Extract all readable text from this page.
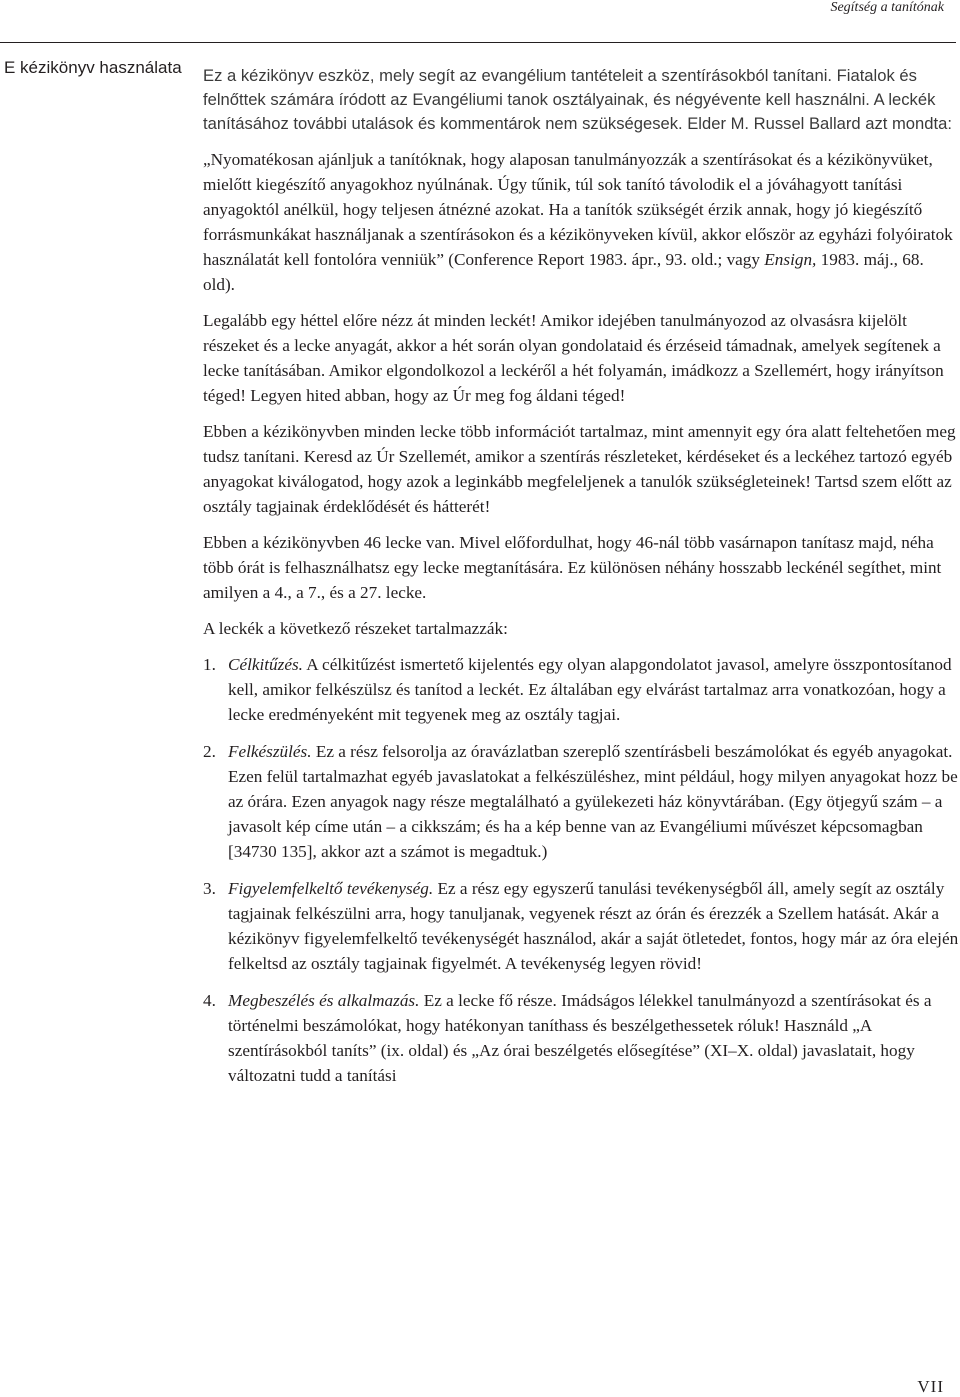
Segítség a tanítónak
E kézikönyv használata Ez a kézikönyv eszköz, mely segít az evangélium tantételeit a szentírásokból tanítani. Fiatalok és felnőttek számára íródott az Evangéliumi tanok osztályainak, és négyévente kell használni. A leckék tanításához további utalások és kommentárok nem szükségesek. Elder M. Russel Ballard azt mondta:

„Nyomatékosan ajánljuk a tanítóknak, hogy alaposan tanulmányozzák a szentírásokat és a kézikönyvüket, mielőtt kiegészítő anyagokhoz nyúlnának. Úgy tűnik, túl sok tanító távolodik el a jóváhagyott tanítási anyagoktól anélkül, hogy teljesen átnézné azokat. Ha a tanítók szükségét érzik annak, hogy jó kiegészítő forrásmunkákat használjanak a szentírásokon és a kézikönyveken kívül, akkor először az egyházi folyóiratok használatát kell fontolóra venniük” (Conference Report 1983. ápr., 93. old.; vagy Ensign, 1983. máj., 68. old).

Legalább egy héttel előre nézz át minden leckét! Amikor idejében tanulmányozod az olvasásra kijelölt részeket és a lecke anyagát, akkor a hét során olyan gondolataid és érzéseid támadnak, amelyek segítenek a lecke tanításában. Amikor elgondolkozol a leckéről a hét folyamán, imádkozz a Szellemért, hogy irányítson téged! Legyen hited abban, hogy az Úr meg fog áldani téged!

Ebben a kézikönyvben minden lecke több információt tartalmaz, mint amennyit egy óra alatt feltehetően meg tudsz tanítani. Keresd az Úr Szellemét, amikor a szentírás részleteket, kérdéseket és a leckéhez tartozó egyéb anyagokat kiválogatod, hogy azok a leginkább megfeleljenek a tanulók szükségleteinek! Tartsd szem előtt az osztály tagjainak érdeklődését és hátterét!

Ebben a kézikönyvben 46 lecke van. Mivel előfordulhat, hogy 46-nál több vasárnapon tanítasz majd, néha több órát is felhasználhatsz egy lecke megtanítására. Ez különösen néhány hosszabb leckénél segíthet, mint amilyen a 4., a 7., és a 27. lecke.

A leckék a következő részeket tartalmazzák:

1. Célkitűzés. A célkitűzést ismertető kijelentés egy olyan alapgondolatot javasol, amelyre összpontosítanod kell, amikor felkészülsz és tanítod a leckét. Ez általában egy elvárást tartalmaz arra vonatkozóan, hogy a lecke eredményeként mit tegyenek meg az osztály tagjai.
2. Felkészülés. Ez a rész felsorolja az óravázlatban szereplő szentírásbeli beszámolókat és egyéb anyagokat. Ezen felül tartalmazhat egyéb javaslatokat a felkészüléshez, mint például, hogy milyen anyagokat hozz be az órára. Ezen anyagok nagy része megtalálható a gyülekezeti ház könyvtárában. (Egy ötjegyű szám – a javasolt kép címe után – a cikkszám; és ha a kép benne van az Evangéliumi művészet képcsomagban [34730 135], akkor azt a számot is megadtuk.)
3. Figyelemfelkeltő tevékenység. Ez a rész egy egyszerű tanulási tevékenységből áll, amely segít az osztály tagjainak felkészülni arra, hogy tanuljanak, vegyenek részt az órán és érezzék a Szellem hatását. Akár a kézikönyv figyelemfelkeltő tevékenységét használod, akár a saját ötletedet, fontos, hogy már az óra elején felkeltsd az osztály tagjainak figyelmét. A tevékenység legyen rövid!
4. Megbeszélés és alkalmazás. Ez a lecke fő része. Imádságos lélekkel tanulmányozd a szentírásokat és a történelmi beszámolókat, hogy hatékonyan taníthass és beszélgethessetek róluk! Használd „A szentírásokból taníts” (ix. oldal) és „Az órai beszélgetés elősegítése” (XI–X. oldal) javaslatait, hogy változatni tudd a tanítási
VII
